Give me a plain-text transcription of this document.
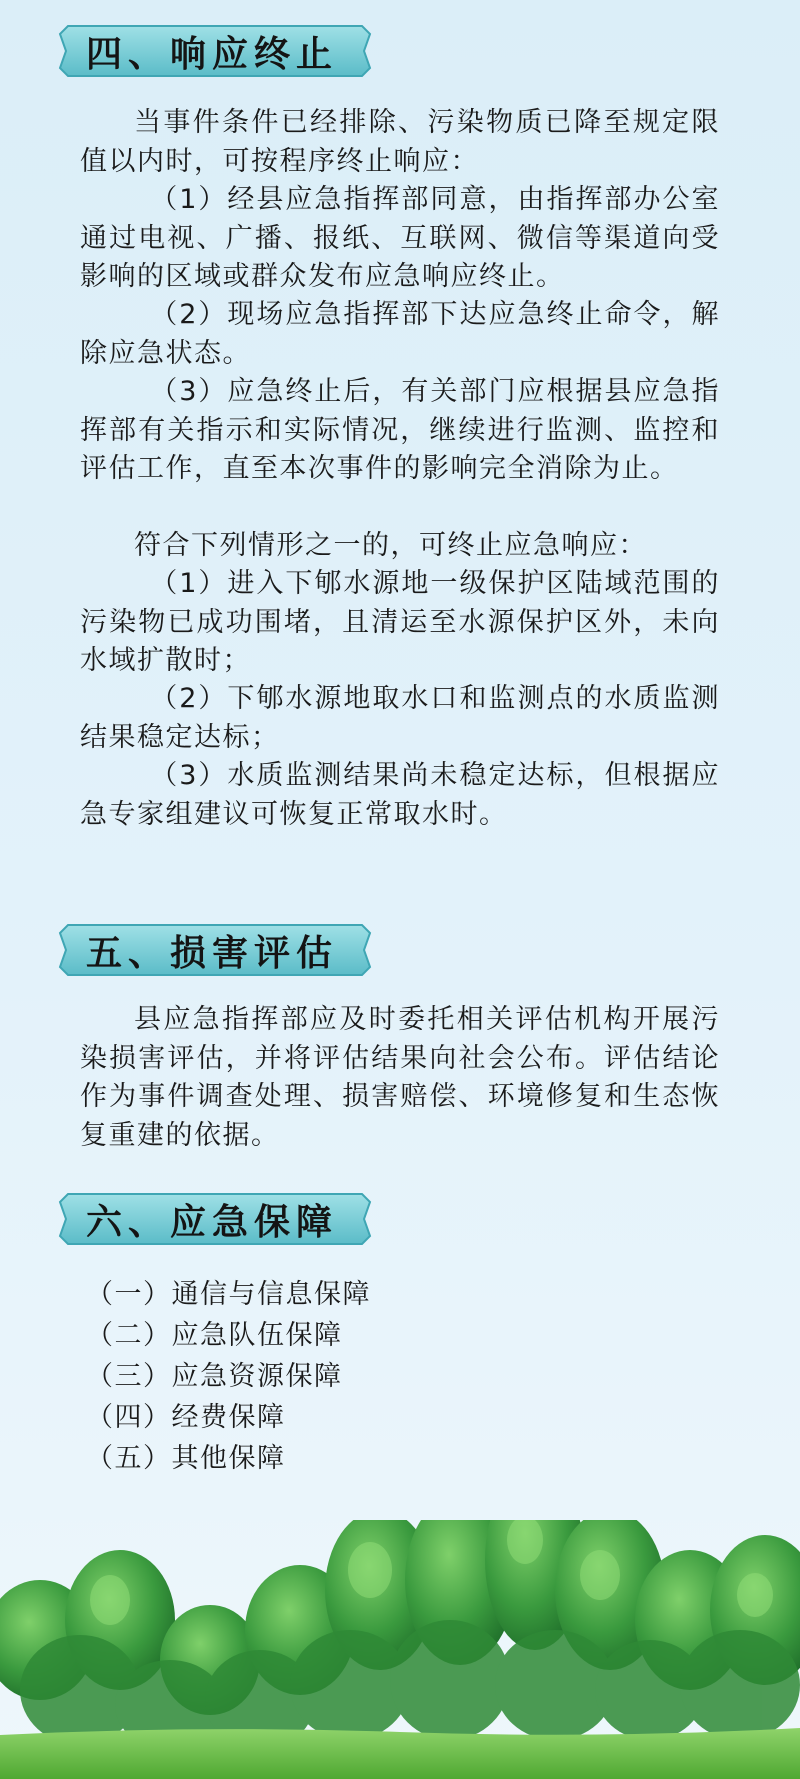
四、响应终止

当事件条件已经排除、污染物质已降至规定限值以内时，可按程序终止响应：

（1）经县应急指挥部同意，由指挥部办公室通过电视、广播、报纸、互联网、微信等渠道向受影响的区域或群众发布应急响应终止。

（2）现场应急指挥部下达应急终止命令，解除应急状态。

（3）应急终止后，有关部门应根据县应急指挥部有关指示和实际情况，继续进行监测、监控和评估工作，直至本次事件的影响完全消除为止。

符合下列情形之一的，可终止应急响应：

（1）进入下郇水源地一级保护区陆域范围的污染物已成功围堵，且清运至水源保护区外，未向水域扩散时；

（2）下郇水源地取水口和监测点的水质监测结果稳定达标；

（3）水质监测结果尚未稳定达标，但根据应急专家组建议可恢复正常取水时。

五、损害评估

县应急指挥部应及时委托相关评估机构开展污染损害评估，并将评估结果向社会公布。评估结论作为事件调查处理、损害赔偿、环境修复和生态恢复重建的依据。

六、应急保障
（一）通信与信息保障
（二）应急队伍保障
（三）应急资源保障
（四）经费保障
（五）其他保障
